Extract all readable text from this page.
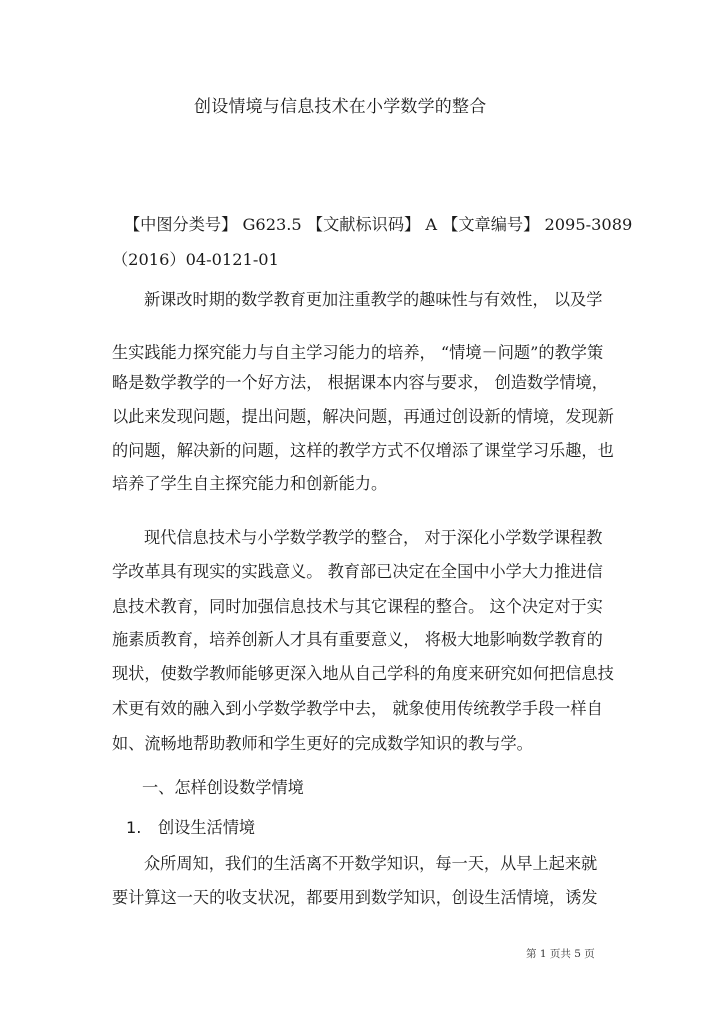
创设情境与信息技术在小学数学的整合
【中图分类号】 G623.5 【文献标识码】 A 【文章编号】 2095-3089
（2016）04-0121-01
新课改时期的数学教育更加注重教学的趣味性与有效性， 以及学
生实践能力探究能力与自主学习能力的培养， “情境－问题”的教学策
略是数学教学的一个好方法， 根据课本内容与要求， 创造数学情境，
以此来发现问题，提出问题，解决问题，再通过创设新的情境，发现新
的问题，解决新的问题，这样的教学方式不仅增添了课堂学习乐趣，也
培养了学生自主探究能力和创新能力。
现代信息技术与小学数学教学的整合， 对于深化小学数学课程教
学改革具有现实的实践意义。 教育部已决定在全国中小学大力推进信
息技术教育，同时加强信息技术与其它课程的整合。 这个决定对于实
施素质教育，培养创新人才具有重要意义， 将极大地影响数学教育的
现状，使数学教师能够更深入地从自己学科的角度来研究如何把信息技
术更有效的融入到小学数学教学中去， 就象使用传统教学手段一样自
如、流畅地帮助教师和学生更好的完成数学知识的教与学。
一、怎样创设数学情境
1. 创设生活情境
众所周知，我们的生活离不开数学知识，每一天，从早上起来就
要计算这一天的收支状况，都要用到数学知识，创设生活情境，诱发
第 1 页共 5 页
